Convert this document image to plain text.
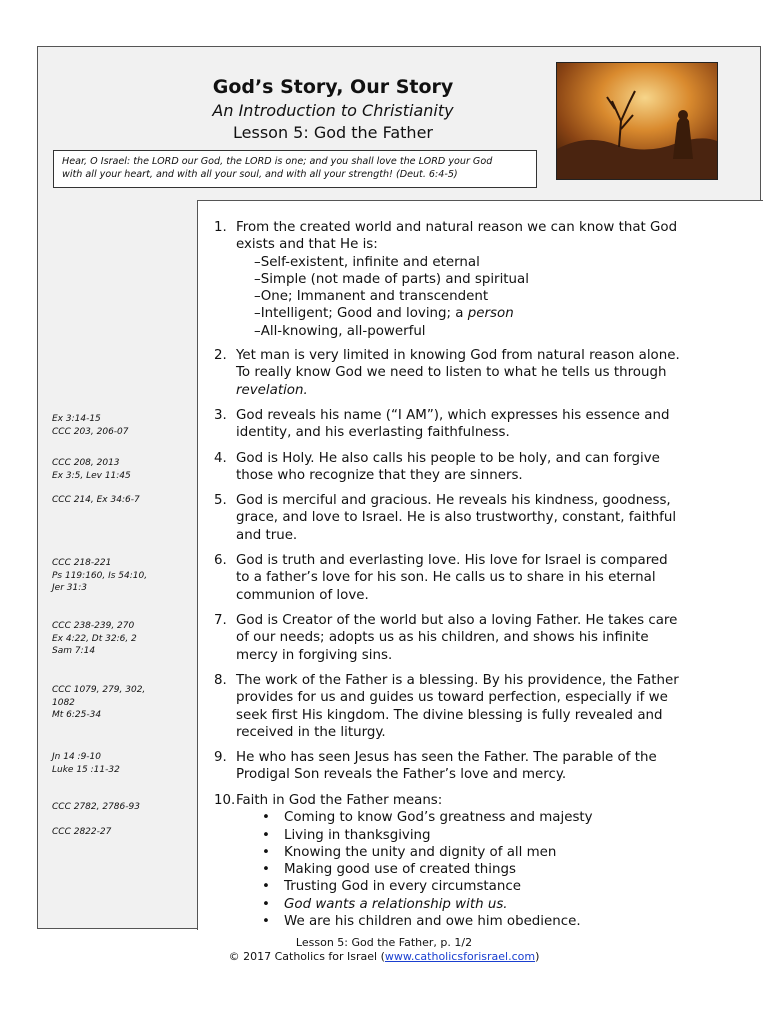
God’s Story, Our Story
An Introduction to Christianity
Lesson 5: God the Father
Hear, O Israel: the LORD our God, the LORD is one; and you shall love the LORD your God
with all your heart, and with all your soul, and with all your strength! (Deut. 6:4-5)
Ex 3:14-15
CCC 203, 206-07
CCC 208, 2013
Ex 3:5, Lev 11:45
CCC 214, Ex 34:6-7
CCC 218-221
Ps 119:160, Is 54:10,
Jer 31:3
CCC 238-239, 270
Ex 4:22, Dt 32:6, 2
Sam 7:14
CCC 1079, 279, 302,
1082
Mt 6:25-34
Jn 14 :9-10
Luke 15 :11-32
CCC 2782, 2786-93
CCC 2822-27
1. From the created world and natural reason we can know that God
exists and that He is:
–Self-existent, infinite and eternal
–Simple (not made of parts) and spiritual
–One; Immanent and transcendent
–Intelligent; Good and loving; a person
–All-knowing, all-powerful
2. Yet man is very limited in knowing God from natural reason alone.
To really know God we need to listen to what he tells us through
revelation.
3. God reveals his name (“I AM”), which expresses his essence and
identity, and his everlasting faithfulness.
4. God is Holy. He also calls his people to be holy, and can forgive
those who recognize that they are sinners.
5. God is merciful and gracious. He reveals his kindness, goodness,
grace, and love to Israel. He is also trustworthy, constant, faithful
and true.
6. God is truth and everlasting love. His love for Israel is compared
to a father’s love for his son. He calls us to share in his eternal
communion of love.
7. God is Creator of the world but also a loving Father. He takes care
of our needs; adopts us as his children, and shows his infinite
mercy in forgiving sins.
8. The work of the Father is a blessing. By his providence, the Father
provides for us and guides us toward perfection, especially if we
seek first His kingdom. The divine blessing is fully revealed and
received in the liturgy.
9. He who has seen Jesus has seen the Father. The parable of the
Prodigal Son reveals the Father’s love and mercy.
10. Faith in God the Father means:
• Coming to know God’s greatness and majesty
• Living in thanksgiving
• Knowing the unity and dignity of all men
• Making good use of created things
• Trusting God in every circumstance
• God wants a relationship with us.
• We are his children and owe him obedience.
Lesson 5: God the Father, p. 1/2
© 2017 Catholics for Israel (www.catholicsforisrael.com)
